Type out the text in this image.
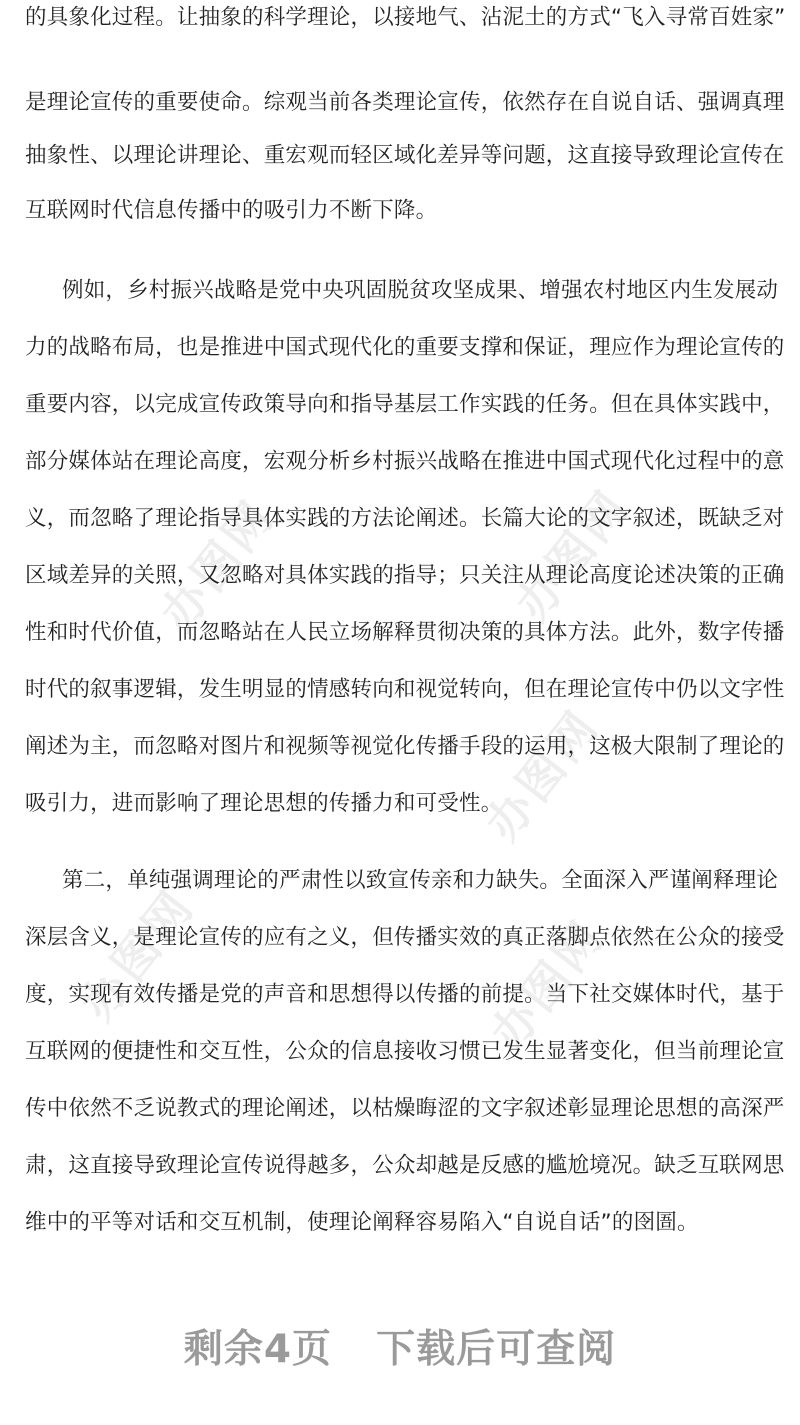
办图网	办图网
办图网
办图网	办图网
的具象化过程。让抽象的科学理论，以接地气、沾泥土的方式“飞入寻常百姓家”
是理论宣传的重要使命。综观当前各类理论宣传，依然存在自说自话、强调真理
抽象性、以理论讲理论、重宏观而轻区域化差异等问题，这直接导致理论宣传在
互联网时代信息传播中的吸引力不断下降。
例如，乡村振兴战略是党中央巩固脱贫攻坚成果、增强农村地区内生发展动
力的战略布局，也是推进中国式现代化的重要支撑和保证，理应作为理论宣传的
重要内容，以完成宣传政策导向和指导基层工作实践的任务。但在具体实践中，
部分媒体站在理论高度，宏观分析乡村振兴战略在推进中国式现代化过程中的意
义，而忽略了理论指导具体实践的方法论阐述。长篇大论的文字叙述，既缺乏对
区域差异的关照，又忽略对具体实践的指导；只关注从理论高度论述决策的正确
性和时代价值，而忽略站在人民立场解释贯彻决策的具体方法。此外，数字传播
时代的叙事逻辑，发生明显的情感转向和视觉转向，但在理论宣传中仍以文字性
阐述为主，而忽略对图片和视频等视觉化传播手段的运用，这极大限制了理论的
吸引力，进而影响了理论思想的传播力和可受性。
第二，单纯强调理论的严肃性以致宣传亲和力缺失。全面深入严谨阐释理论
深层含义，是理论宣传的应有之义，但传播实效的真正落脚点依然在公众的接受
度，实现有效传播是党的声音和思想得以传播的前提。当下社交媒体时代，基于
互联网的便捷性和交互性，公众的信息接收习惯已发生显著变化，但当前理论宣
传中依然不乏说教式的理论阐述，以枯燥晦涩的文字叙述彰显理论思想的高深严
肃，这直接导致理论宣传说得越多，公众却越是反感的尴尬境况。缺乏互联网思
维中的平等对话和交互机制，使理论阐释容易陷入“自说自话”的囹圄。
剩余4页 下载后可查阅
